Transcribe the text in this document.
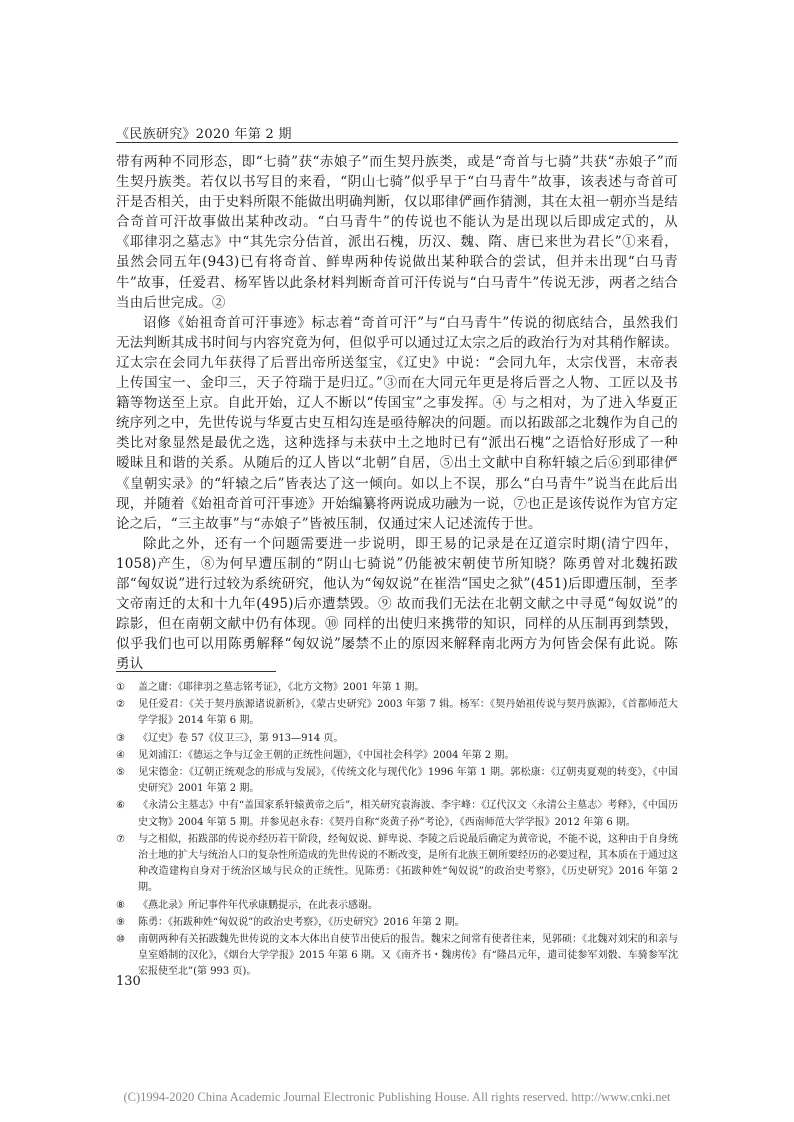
《民族研究》2020 年第 2 期

带有两种不同形态，即“七骑”获“赤娘子”而生契丹族类，或是“奇首与七骑”共获“赤娘子”而生契丹族类。若仅以书写目的来看，“阴山七骑”似乎早于“白马青牛”故事，该表述与奇首可汗是否相关，由于史料所限不能做出明确判断，仅以耶律俨画作猜测，其在太祖一朝亦当是结合奇首可汗故事做出某种改动。“白马青牛”的传说也不能认为是出现以后即成定式的，从《耶律羽之墓志》中“其先宗分佶首，派出石槐，历汉、魏、隋、唐已来世为君长”①来看，虽然会同五年(943)已有将奇首、鲜卑两种传说做出某种联合的尝试，但并未出现“白马青牛”故事，任爱君、杨军皆以此条材料判断奇首可汗传说与“白马青牛”传说无涉，两者之结合当由后世完成。②

诏修《始祖奇首可汗事迹》标志着“奇首可汗”与“白马青牛”传说的彻底结合，虽然我们无法判断其成书时间与内容究竟为何，但似乎可以通过辽太宗之后的政治行为对其稍作解读。辽太宗在会同九年获得了后晋出帝所送玺宝，《辽史》中说：“会同九年，太宗伐晋，末帝表上传国宝一、金印三，天子符瑞于是归辽。”③而在大同元年更是将后晋之人物、工匠以及书籍等物送至上京。自此开始，辽人不断以“传国宝”之事发挥。④ 与之相对，为了进入华夏正统序列之中，先世传说与华夏古史互相勾连是亟待解决的问题。而以拓跋部之北魏作为自己的类比对象显然是最优之选，这种选择与未获中土之地时已有“派出石槐”之语恰好形成了一种暧昧且和谐的关系。从随后的辽人皆以“北朝”自居，⑤出土文献中自称轩辕之后⑥到耶律俨《皇朝实录》的“轩辕之后”皆表达了这一倾向。如以上不误，那么“白马青牛”说当在此后出现，并随着《始祖奇首可汗事迹》开始编纂将两说成功融为一说，⑦也正是该传说作为官方定论之后，“三主故事”与“赤娘子”皆被压制，仅通过宋人记述流传于世。

除此之外，还有一个问题需要进一步说明，即王易的记录是在辽道宗时期(清宁四年，1058)产生，⑧为何早遭压制的“阴山七骑说”仍能被宋朝使节所知晓？陈勇曾对北魏拓跋部“匈奴说”进行过较为系统研究，他认为“匈奴说”在崔浩“国史之狱”(451)后即遭压制，至孝文帝南迁的太和十九年(495)后亦遭禁毁。⑨ 故而我们无法在北朝文献之中寻觅“匈奴说”的踪影，但在南朝文献中仍有体现。⑩ 同样的出使归来携带的知识，同样的从压制再到禁毁，似乎我们也可以用陈勇解释“匈奴说”屡禁不止的原因来解释南北两方为何皆会保有此说。陈勇认

① 盖之庸：《耶律羽之墓志铭考证》，《北方文物》2001 年第 1 期。

② 见任爱君：《关于契丹族源诸说新析》，《蒙古史研究》2003 年第 7 辑。杨军：《契丹始祖传说与契丹族源》，《首都师范大学学报》2014 年第 6 期。

③ 《辽史》卷 57《仪卫三》，第 913—914 页。

④ 见刘浦江：《德运之争与辽金王朝的正统性问题》，《中国社会科学》2004 年第 2 期。

⑤ 见宋德金：《辽朝正统观念的形成与发展》，《传统文化与现代化》1996 年第 1 期。郭松康：《辽朝夷夏观的转变》，《中国史研究》2001 年第 2 期。

⑥ 《永清公主墓志》中有“盖国家系轩辕黄帝之后”，相关研究袁海波、李宇峰：《辽代汉文〈永清公主墓志〉考释》，《中国历史文物》2004 年第 5 期。并参见赵永春：《契丹自称“炎黄子孙”考论》，《西南师范大学学报》2012 年第 6 期。

⑦ 与之相似，拓跋部的传说亦经历若干阶段，经匈奴说、鲜卑说、李陵之后说最后确定为黄帝说，不能不说，这种由于自身统治土地的扩大与统治人口的复杂性所造成的先世传说的不断改变，是所有北族王朝所要经历的必要过程，其本质在于通过这种改造建构自身对于统治区域与民众的正统性。见陈勇：《拓跋种姓“匈奴说”的政治史考察》，《历史研究》2016 年第 2 期。

⑧ 《燕北录》所记事件年代承康鹏提示，在此表示感谢。

⑨ 陈勇：《拓跋种姓“匈奴说”的政治史考察》，《历史研究》2016 年第 2 期。

⑩ 南朝两种有关拓跋魏先世传说的文本大体出自使节出使后的报告。魏宋之间常有使者往来，见郭硕：《北魏对刘宋的和亲与皇室婚制的汉化》，《烟台大学学报》2015 年第 6 期。又《南齐书・魏虏传》有“隆昌元年，遣司徒参军刘骰、车骑参军沈宏报使至北”(第 993 页)。

130
(C)1994-2020 China Academic Journal Electronic Publishing House. All rights reserved. http://www.cnki.net
